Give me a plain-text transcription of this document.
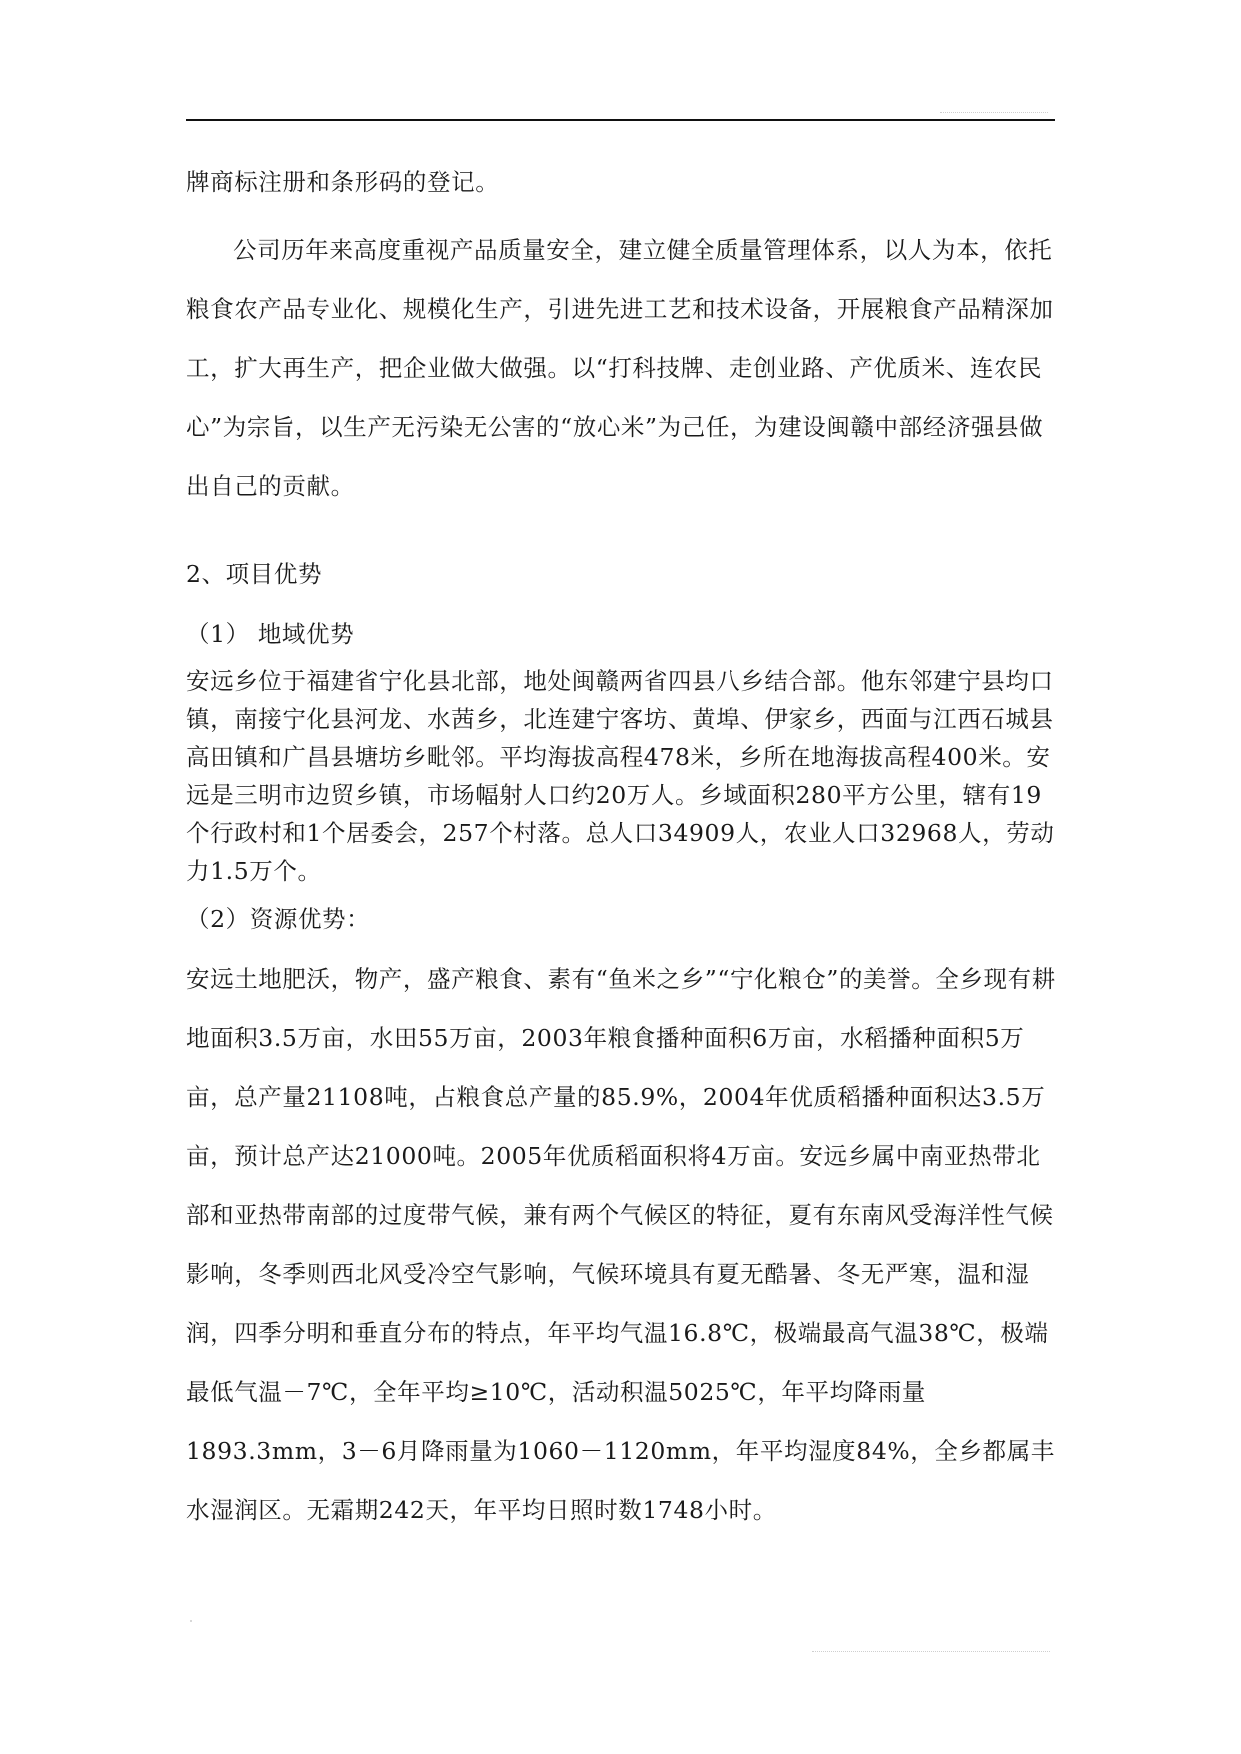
牌商标注册和条形码的登记。

公司历年来高度重视产品质量安全，建立健全质量管理体系，以人为本，依托粮食农产品专业化、规模化生产，引进先进工艺和技术设备，开展粮食产品精深加工，扩大再生产，把企业做大做强。以“打科技牌、走创业路、产优质米、连农民心”为宗旨，以生产无污染无公害的“放心米”为己任，为建设闽赣中部经济强县做出自己的贡献。

2、项目优势

（1） 地域优势

安远乡位于福建省宁化县北部，地处闽赣两省四县八乡结合部。他东邻建宁县均口镇，南接宁化县河龙、水茜乡，北连建宁客坊、黄埠、伊家乡，西面与江西石城县高田镇和广昌县塘坊乡毗邻。平均海拔高程478米，乡所在地海拔高程400米。安远是三明市边贸乡镇，市场幅射人口约20万人。乡域面积280平方公里，辖有19个行政村和1个居委会，257个村落。总人口34909人，农业人口32968人，劳动力1.5万个。

（2）资源优势：

安远土地肥沃，物产，盛产粮食、素有“鱼米之乡”“宁化粮仓”的美誉。全乡现有耕地面积3.5万亩，水田55万亩，2003年粮食播种面积6万亩，水稻播种面积5万亩，总产量21108吨，占粮食总产量的85.9%，2004年优质稻播种面积达3.5万亩，预计总产达21000吨。2005年优质稻面积将4万亩。安远乡属中南亚热带北部和亚热带南部的过度带气候，兼有两个气候区的特征，夏有东南风受海洋性气候影响，冬季则西北风受冷空气影响，气候环境具有夏无酷暑、冬无严寒，温和湿润，四季分明和垂直分布的特点，年平均气温16.8℃，极端最高气温38℃，极端最低气温－7℃，全年平均≥10℃，活动积温5025℃，年平均降雨量1893.3mm，3－6月降雨量为1060－1120mm，年平均湿度84%，全乡都属丰水湿润区。无霜期242天，年平均日照时数1748小时。
